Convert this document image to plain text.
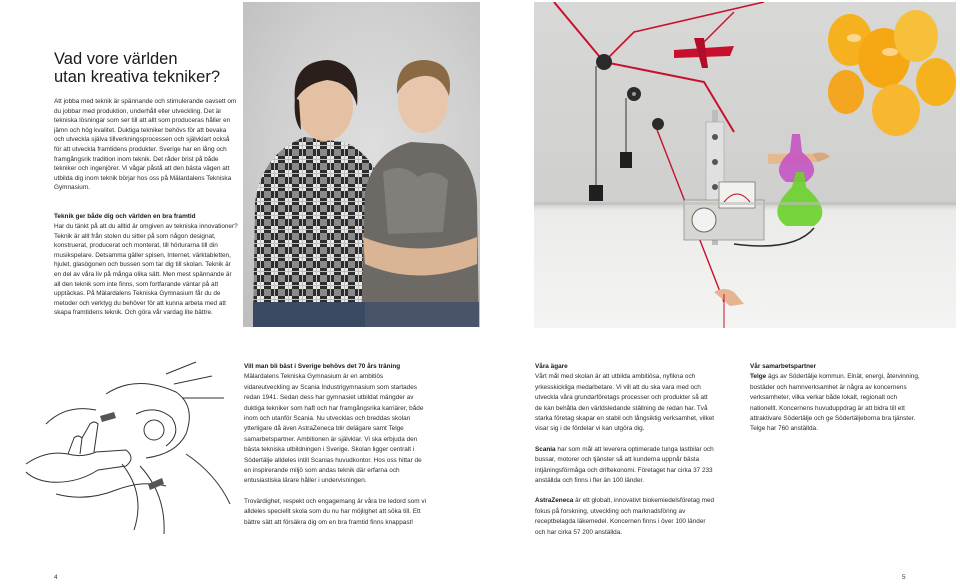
Vad vore världen
utan kreativa tekniker?
Att jobba med teknik är spännande och stimulerande oavsett om du jobbar med produktion, underhåll eller utveckling. Det är tekniska lösningar som ser till att allt som produceras håller en jämn och hög kvalitet. Duktiga tekniker behövs för att bevaka och utveckla själva tillverkningsprocessen och självklart också för att utveckla framtidens produkter. Sverige har en lång och framgångsrik tradition inom teknik. Det råder brist på både tekniker och ingenjörer. Vi vågar påstå att den bästa vägen att utbilda dig inom teknik börjar hos oss på Mälardalens Tekniska Gymnasium.
Teknik ger både dig och världen en bra framtid
Har du tänkt på att du alltid är omgiven av tekniska innovationer? Teknik är allt från stolen du sitter på som någon designat, konstruerat, producerat och monterat, till hörlurarna till din musikspelare. Detsamma gäller spisen, Internet, värktabletten, hjulet, glasögonen och bussen som tar dig till skolan. Teknik är en del av våra liv på många olika sätt. Men mest spännande är all den teknik som inte finns, som fortfarande väntar på att upptäckas. På Mälardalens Tekniska Gymnasium får du de metoder och verktyg du behöver för att kunna arbeta med att skapa framtidens teknik. Och göra vår vardag lite bättre.
Vill man bli bäst i Sverige behövs det 70 års träning
Mälardalens Tekniska Gymnasium är en ambitiös vidareutveckling av Scania Industrigymnasium som startades redan 1941. Sedan dess har gymnasiet utbildat mängder av duktiga tekniker som haft och har framgångsrika karriärer, både inom och utanför Scania. Nu utvecklas och breddas skolan ytterligare då även AstraZeneca blir delägare samt Telge samarbetspartner. Ambitionen är självklar. Vi ska erbjuda den bästa tekniska utbildningen i Sverige. Skolan ligger centralt i Södertälje alldeles intill Scanias huvudkontor. Hos oss hittar de en inspirerande miljö som andas teknik där erfarna och entusiastiska lärare håller i undervisningen.
Trovärdighet, respekt och engagemang är våra tre ledord som vi alldeles speciellt skola som du nu har möjlighet att söka till. Ett bättre sätt att försäkra dig om en bra framtid finns knappast!
Våra ägare
Vårt mål med skolan är att utbilda ambitiösa, nyfikna och yrkesskickliga medarbetare. Vi vill att du ska vara med och utveckla våra grundarföretags processer och produkter så att de kan behålla den världsledande ställning de redan har. Två starka företag skapar en stabil och långsiktig verksamhet, vilket visar sig i de fördelar vi kan utgöra dig.
Scania har som mål att leverera optimerade tunga lastbilar och bussar, motorer och tjänster så att kunderna uppnår bästa intjäningsförmåga och driftekonomi. Företaget har cirka 37 233 anställda och finns i fler än 100 länder.
AstraZeneca är ett globalt, innovativt biokemiedelsföretag med fokus på forskning, utveckling och marknadsföring av receptbelagda läkemedel. Koncernen finns i över 100 länder och har cirka 57 200 anställda.
Vår samarbetspartner
Telge ägs av Södertälje kommun. Elnät, energi, återvinning, bostäder och hamnverksamhet är några av koncernens verksamheter, vilka verkar både lokalt, regionalt och nationellt. Koncernens huvuduppdrag är att bidra till ett attraktivare Södertälje och ge Södertäljeborna bra tjänster. Telge har 760 anställda.
4	5
